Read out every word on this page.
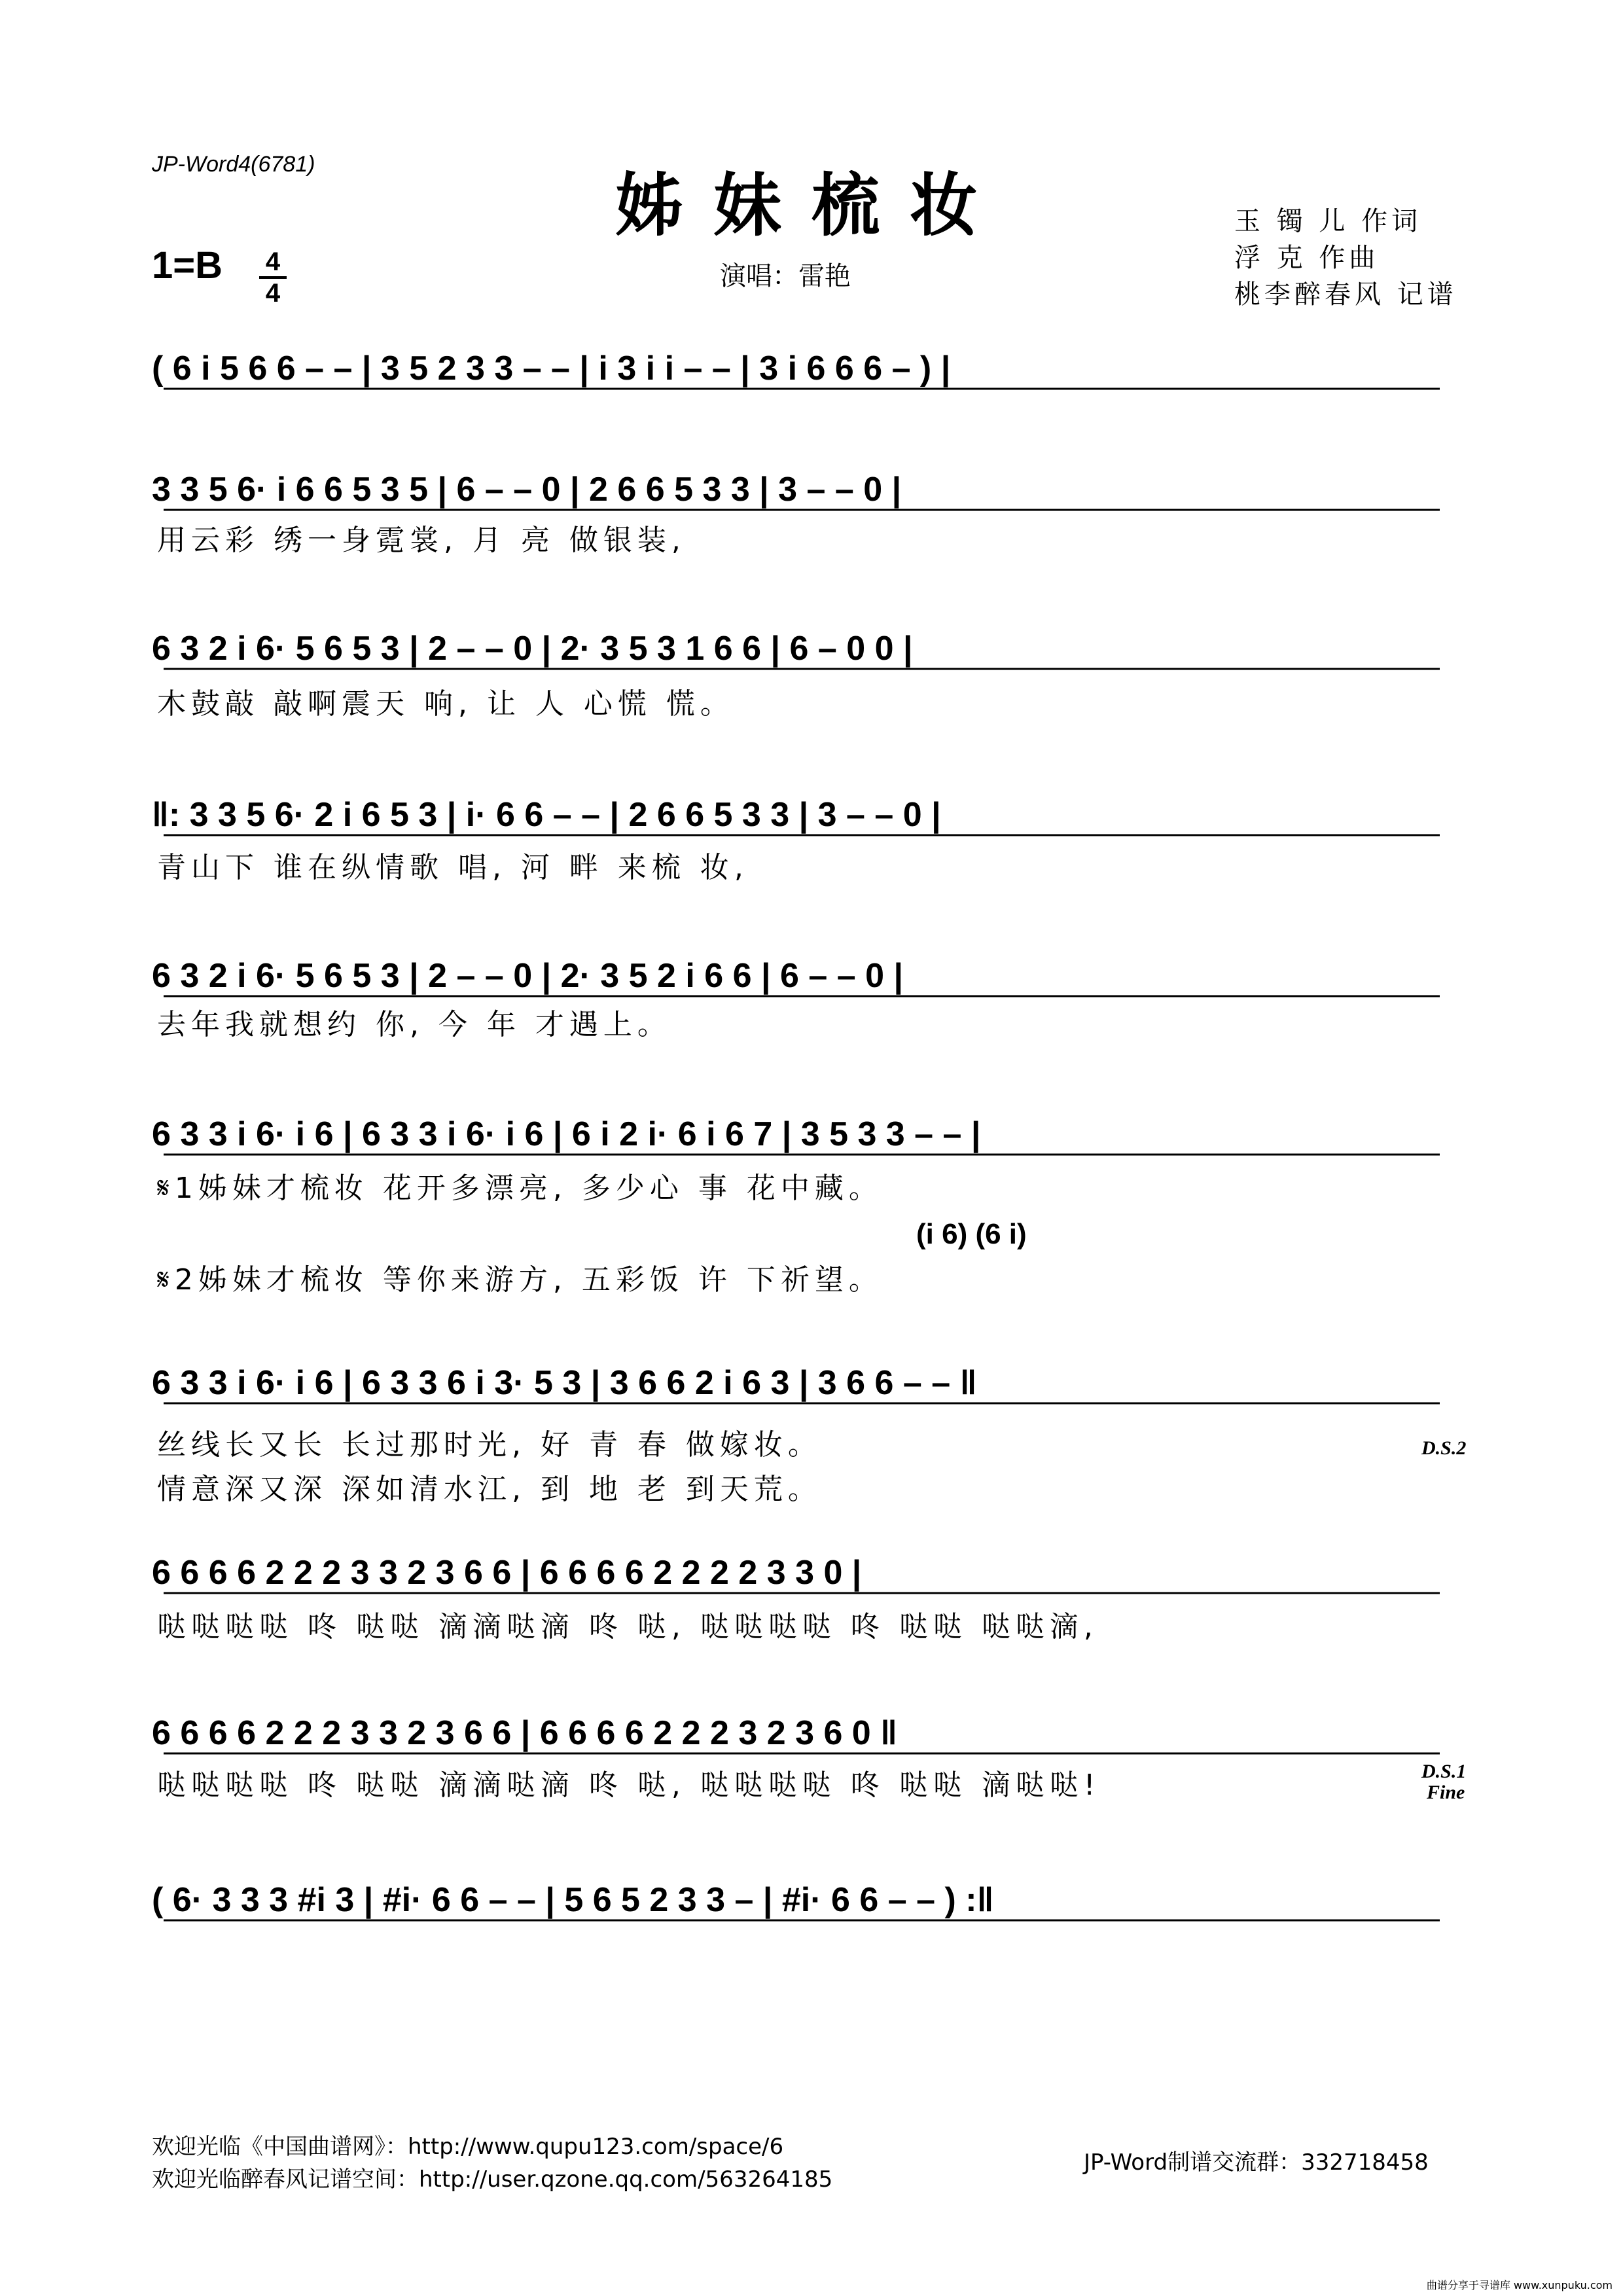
JP-Word4(6781)
姊妹梳妆
$1=B \frac{4}{4}$	演唱：雷艳
玉 镯 儿 作词
浮 克 作曲
桃李醉春风 记谱
( 6 i 5 6 6 – – | 3 5 2 3 3 – – | i 3 i i – – | 3 i 6 6 6 – ) |
3 3 5 6· i 6 6 5 3 5 | 6 – – 0 | 2 6 6 5 3 3 | 3 – – 0 |
6 3 2 i 6· 5 6 5 3 | 2 – – 0 | 2· 3 5 3 1 6 6 | 6 – 0 0 |
‖: 3 3 5 6· 2 i 6 5 3 | i· 6 6 – – | 2 6 6 5 3 3 | 3 – – 0 |
6 3 2 i 6· 5 6 5 3 | 2 – – 0 | 2· 3 5 2 i 6 6 | 6 – – 0 |
6 3 3 i 6· i 6 | 6 3 3 i 6· i 6 | 6 i 2 i· 6 i 6 7 | 3 5 3 3 – – |
(i 6) (6 i)
6 3 3 i 6· i 6 | 6 3 3 6 i 3· 5 3 | 3 6 6 2 i 6 3 | 3 6 6 – – ‖
6 6 6 6 2 2 2 3 3 2 3 6 6 | 6 6 6 6 2 2 2 2 3 3 0 |
6 6 6 6 2 2 2 3 3 2 3 6 6 | 6 6 6 6 2 2 2 3 2 3 6 0 ‖
( 6· 3 3 3 #i 3 | #i· 6 6 – – | 5 6 5 2 3 3 – | #i· 6 6 – – ) :‖
用云彩 绣一身霓裳, 月 亮 做银装,
木鼓敲 敲啊震天 响, 让 人 心慌 慌。
青山下 谁在纵情歌 唱, 河 畔 来梳 妆,
去年我就想约 你, 今 年 才遇上。
𝄋1姊妹才梳妆 花开多漂亮, 多少心 事 花中藏。
𝄋2姊妹才梳妆 等你来游方, 五彩饭 许 下祈望。
丝线长又长 长过那时光, 好 青 春 做嫁妆。
情意深又深 深如清水江, 到 地 老 到天荒。
哒哒哒哒 咚 哒哒 滴滴哒滴 咚 哒, 哒哒哒哒 咚 哒哒 哒哒滴,
哒哒哒哒 咚 哒哒 滴滴哒滴 咚 哒, 哒哒哒哒 咚 哒哒 滴哒哒!
D.S.2
D.S.1
Fine
欢迎光临《中国曲谱网》：http://www.qupu123.com/space/6
欢迎光临醉春风记谱空间：http://user.qzone.qq.com/563264185
JP-Word制谱交流群：332718458
曲谱分享于寻谱库 www.xunpuku.com
